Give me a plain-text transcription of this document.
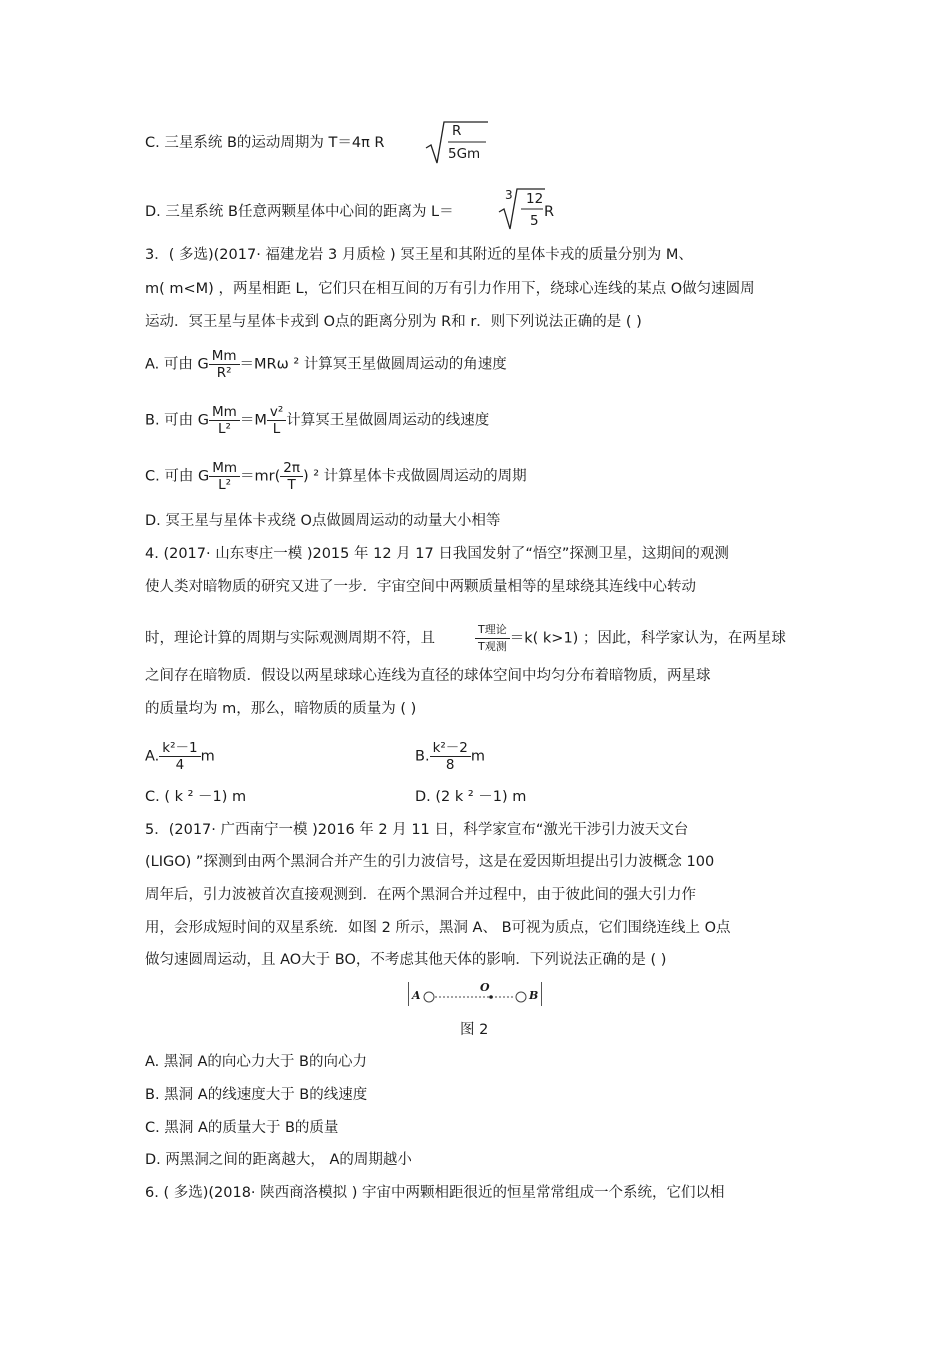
C. 三星系统 B的运动周期为 T＝4π R
R
5Gm
D. 三星系统 B任意两颗星体中心间的距离为 L＝
3 12
5
R
3．( 多选)(2017· 福建龙岩 3 月质检 ) 冥王星和其附近的星体卡戎的质量分别为 M、
m( m<M) ，两星相距 L，它们只在相互间的万有引力作用下，绕球心连线的某点 O做匀速圆周
运动．冥王星与星体卡戎到 O点的距离分别为 R和 r．则下列说法正确的是 ( )
A. 可由 G $\frac{Mm}{\text{R²}} =MR\omega$ ² 计算冥王星做圆周运动的角速度
B. 可由 G $\frac{Mm}{\text{L²}} =M \frac{\text{v²}}{L}$ 计算冥王星做圆周运动的线速度
C. 可由 G $\frac{Mm}{\text{L²}} =mr( \frac{2\pi}{T}$ ) ² 计算星体卡戎做圆周运动的周期
D. 冥王星与星体卡戎绕 O点做圆周运动的动量大小相等
4. (2017· 山东枣庄一模 )2015 年 12 月 17 日我国发射了“悟空”探测卫星，这期间的观测
使人类对暗物质的研究又进了一步．宇宙空间中两颗质量相等的星球绕其连线中心转动
时，理论计算的周期与实际观测周期不符，且	$\frac{\text{T理论}}{\text{T观测}} =k$( k>1) ；因此，科学家认为，在两星球
之间存在暗物质．假设以两星球球心连线为直径的球体空间中均匀分布着暗物质，两星球
的质量均为 m，那么，暗物质的质量为 ( )
A. $\frac{\text{k²－1}}{4}$ m	B. $\frac{\text{k²－2}}{8}$ m
C. ( k ² －1) m	D. (2 k ² －1) m
5．(2017· 广西南宁一模 )2016 年 2 月 11 日，科学家宣布“激光干涉引力波天文台
(LIGO) ”探测到由两个黑洞合并产生的引力波信号，这是在爱因斯坦提出引力波概念 100
周年后，引力波被首次直接观测到．在两个黑洞合并过程中，由于彼此间的强大引力作
用，会形成短时间的双星系统．如图 2 所示，黑洞 A、 B可视为质点，它们围绕连线上 O点
做匀速圆周运动，且 AO大于 BO，不考虑其他天体的影响．下列说法正确的是 ( )
A
O
B
图 2
A. 黑洞 A的向心力大于 B的向心力
B. 黑洞 A的线速度大于 B的线速度
C. 黑洞 A的质量大于 B的质量
D. 两黑洞之间的距离越大， A的周期越小
6. ( 多选)(2018· 陕西商洛模拟 ) 宇宙中两颗相距很近的恒星常常组成一个系统，它们以相
